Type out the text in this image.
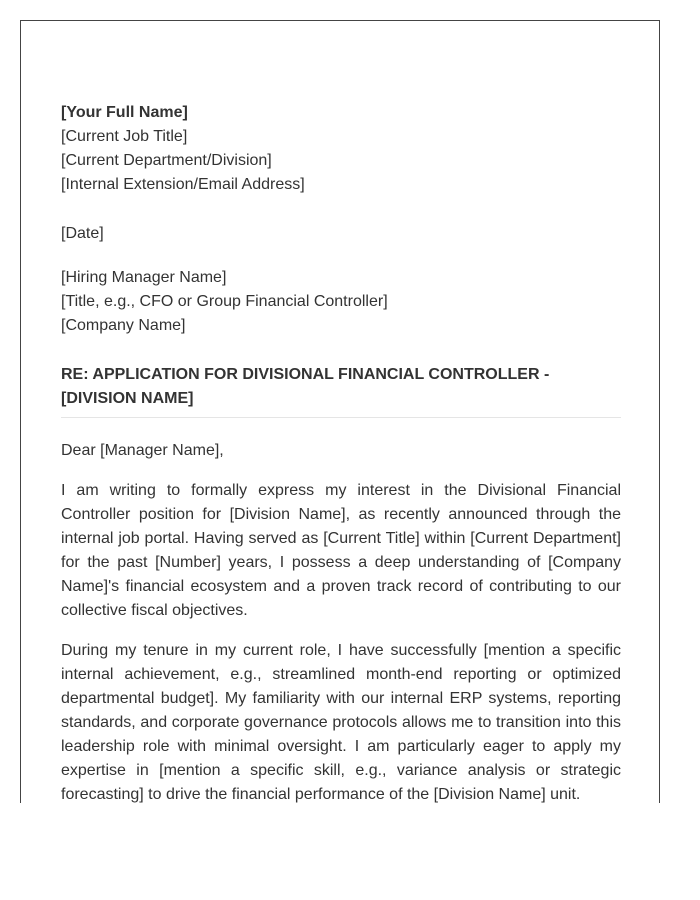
[Your Full Name]
[Current Job Title]
[Current Department/Division]
[Internal Extension/Email Address]
[Date]
[Hiring Manager Name]
[Title, e.g., CFO or Group Financial Controller]
[Company Name]
RE: APPLICATION FOR DIVISIONAL FINANCIAL CONTROLLER -
[DIVISION NAME]
Dear [Manager Name],

I am writing to formally express my interest in the Divisional Financial Controller position for [Division Name], as recently announced through the internal job portal. Having served as [Current Title] within [Current Department] for the past [Number] years, I possess a deep understanding of [Company Name]'s financial ecosystem and a proven track record of contributing to our collective fiscal objectives.

During my tenure in my current role, I have successfully [mention a specific internal achievement, e.g., streamlined month-end reporting or optimized departmental budget]. My familiarity with our internal ERP systems, reporting standards, and corporate governance protocols allows me to transition into this leadership role with minimal oversight. I am particularly eager to apply my expertise in [mention a specific skill, e.g., variance analysis or strategic forecasting] to drive the financial performance of the [Division Name] unit.
